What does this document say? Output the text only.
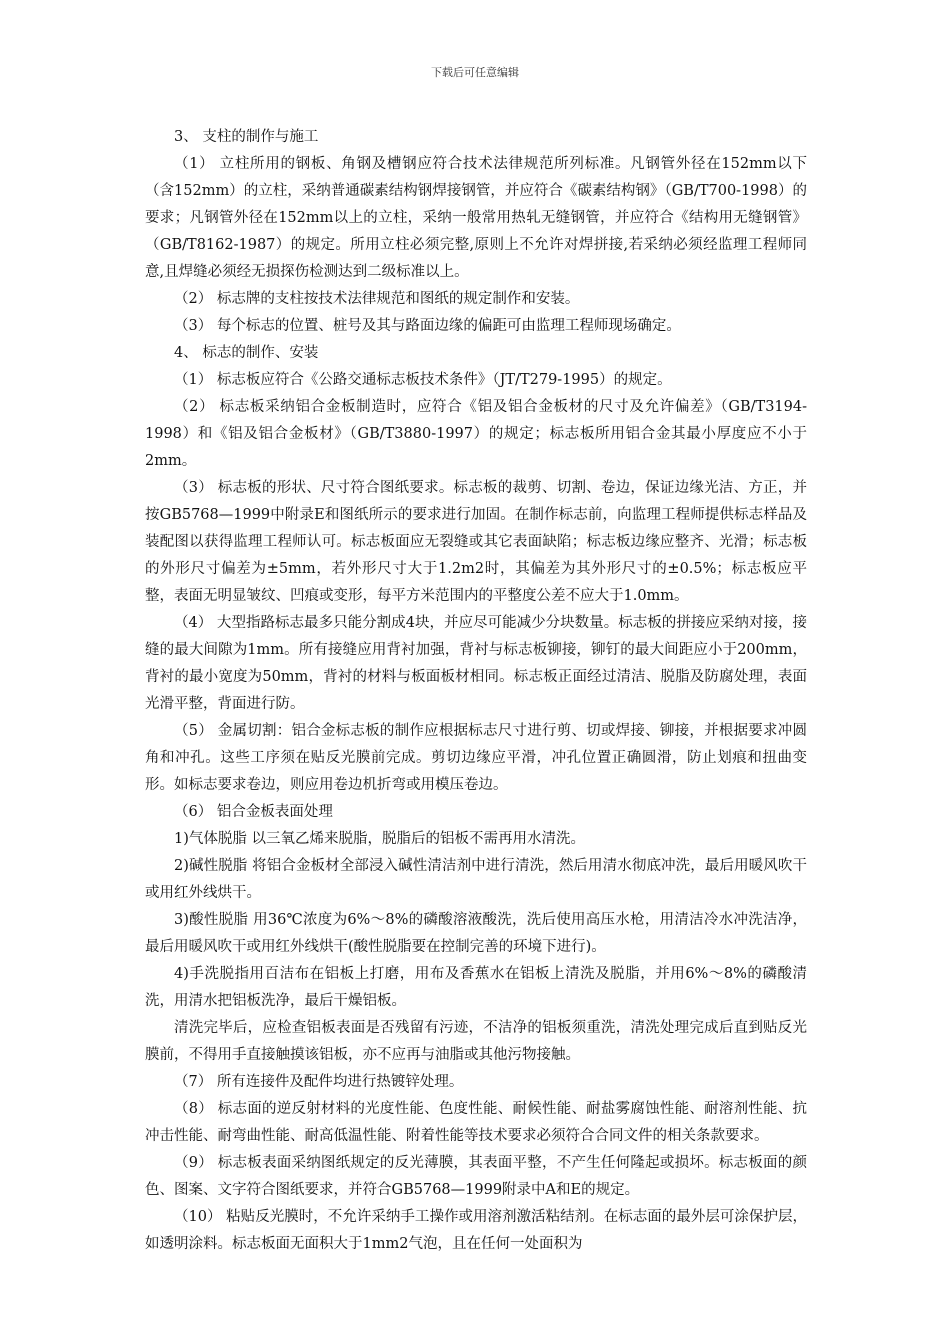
下载后可任意编辑

3、 支柱的制作与施工

（1） 立柱所用的钢板、角钢及槽钢应符合技术法律规范所列标准。凡钢管外径在152mm以下（含152mm）的立柱，采纳普通碳素结构钢焊接钢管，并应符合《碳素结构钢》（GB/T700-1998）的要求；凡钢管外径在152mm以上的立柱，采纳一般常用热轧无缝钢管，并应符合《结构用无缝钢管》（GB/T8162-1987）的规定。所用立柱必须完整,原则上不允许对焊拼接,若采纳必须经监理工程师同意,且焊缝必须经无损探伤检测达到二级标准以上。

（2） 标志牌的支柱按技术法律规范和图纸的规定制作和安装。

（3） 每个标志的位置、桩号及其与路面边缘的偏距可由监理工程师现场确定。

4、 标志的制作、安装

（1） 标志板应符合《公路交通标志板技术条件》（JT/T279-1995）的规定。

（2） 标志板采纳铝合金板制造时，应符合《铝及铝合金板材的尺寸及允许偏差》（GB/T3194-1998）和《铝及铝合金板材》（GB/T3880-1997）的规定；标志板所用铝合金其最小厚度应不小于2mm。

（3） 标志板的形状、尺寸符合图纸要求。标志板的裁剪、切割、卷边，保证边缘光洁、方正，并按GB5768—1999中附录E和图纸所示的要求进行加固。在制作标志前，向监理工程师提供标志样品及装配图以获得监理工程师认可。标志板面应无裂缝或其它表面缺陷；标志板边缘应整齐、光滑；标志板的外形尺寸偏差为±5mm，若外形尺寸大于1.2m2时，其偏差为其外形尺寸的±0.5%；标志板应平整，表面无明显皱纹、凹痕或变形，每平方米范围内的平整度公差不应大于1.0mm。

（4） 大型指路标志最多只能分割成4块，并应尽可能减少分块数量。标志板的拼接应采纳对接，接缝的最大间隙为1mm。所有接缝应用背衬加强，背衬与标志板铆接，铆钉的最大间距应小于200mm，背衬的最小宽度为50mm，背衬的材料与板面板材相同。标志板正面经过清洁、脱脂及防腐处理，表面光滑平整，背面进行防。

（5） 金属切割：铝合金标志板的制作应根据标志尺寸进行剪、切或焊接、铆接，并根据要求冲圆角和冲孔。这些工序须在贴反光膜前完成。剪切边缘应平滑，冲孔位置正确圆滑，防止划痕和扭曲变形。如标志要求卷边，则应用卷边机折弯或用模压卷边。

（6） 铝合金板表面处理

1)气体脱脂 以三氧乙烯来脱脂，脱脂后的铝板不需再用水清洗。

2)碱性脱脂 将铝合金板材全部浸入碱性清洁剂中进行清洗，然后用清水彻底冲洗，最后用暖风吹干或用红外线烘干。

3)酸性脱脂 用36℃浓度为6%～8%的磷酸溶液酸洗，洗后使用高压水枪，用清洁冷水冲洗洁净，最后用暖风吹干或用红外线烘干(酸性脱脂要在控制完善的环境下进行)。

4)手洗脱指用百洁布在铝板上打磨，用布及香蕉水在铝板上清洗及脱脂，并用6%～8%的磷酸清洗，用清水把铝板洗净，最后干燥铝板。

清洗完毕后，应检查铝板表面是否残留有污迹，不洁净的铝板须重洗，清洗处理完成后直到贴反光膜前，不得用手直接触摸该铝板，亦不应再与油脂或其他污物接触。

（7） 所有连接件及配件均进行热镀锌处理。

（8） 标志面的逆反射材料的光度性能、色度性能、耐候性能、耐盐雾腐蚀性能、耐溶剂性能、抗冲击性能、耐弯曲性能、耐高低温性能、附着性能等技术要求必须符合合同文件的相关条款要求。

（9） 标志板表面采纳图纸规定的反光薄膜，其表面平整，不产生任何隆起或损坏。标志板面的颜色、图案、文字符合图纸要求，并符合GB5768—1999附录中A和E的规定。

（10） 粘贴反光膜时，不允许采纳手工操作或用溶剂激活粘结剂。在标志面的最外层可涂保护层，如透明涂料。标志板面无面积大于1mm2气泡，且在任何一处面积为
